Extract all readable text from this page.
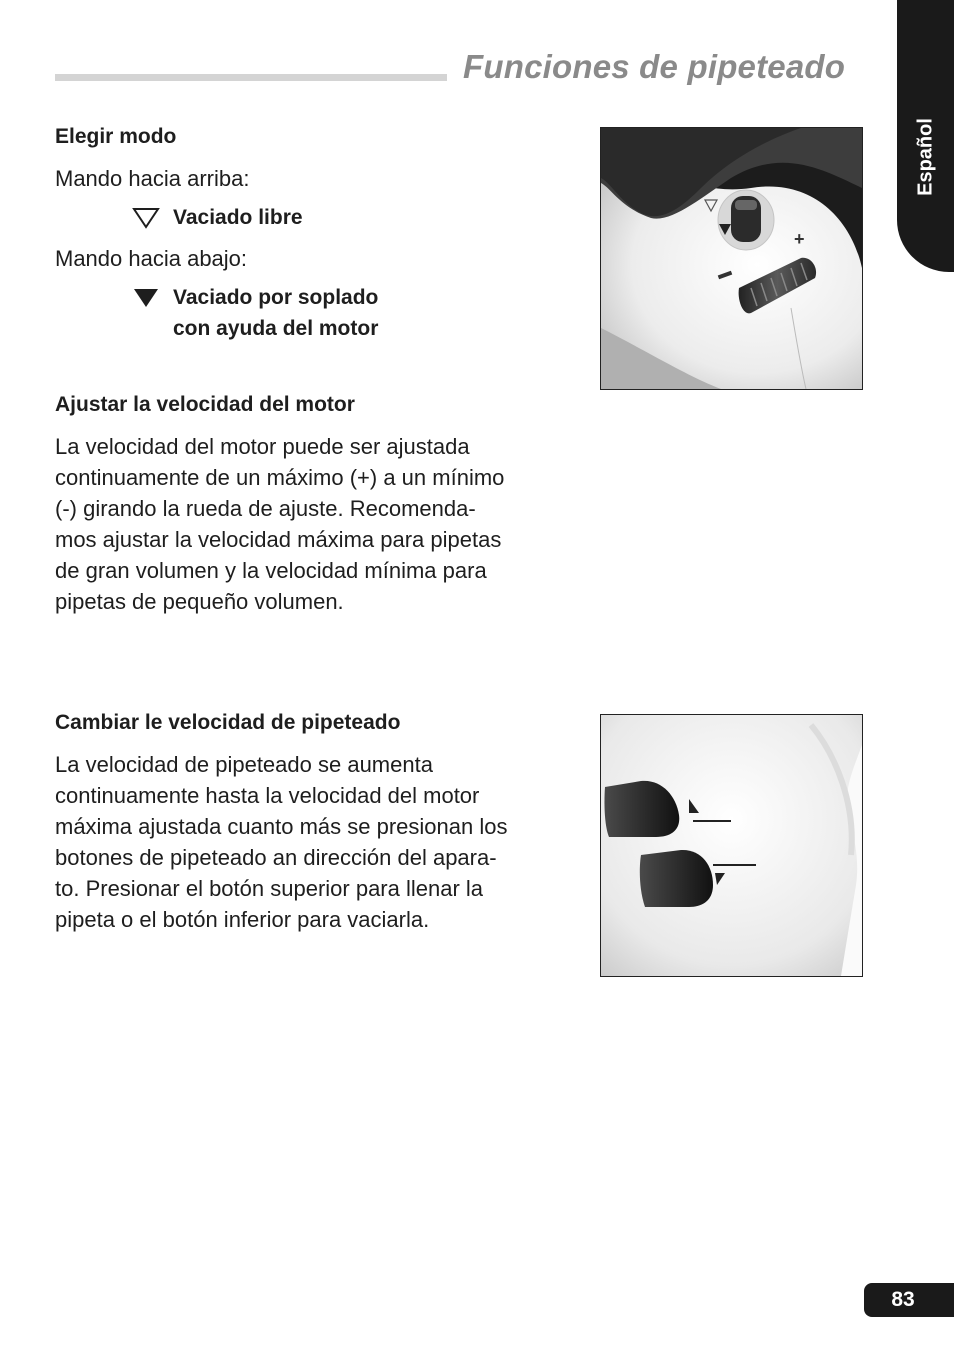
Funciones de pipeteado
Español
Elegir modo

Mando hacia arriba:

Vaciado libre

Mando hacia abajo:

Vaciado por soplado

con ayuda del motor

Ajustar la velocidad del motor
La velocidad del motor puede ser ajustada
continuamente de un máximo (+) a un mínimo
(-) girando la rueda de ajuste. Recomenda-
mos ajustar la velocidad máxima para pipetas
de gran volumen y la velocidad mínima para
pipetas de pequeño volumen.
Cambiar le velocidad de pipeteado
La velocidad de pipeteado se aumenta
continuamente hasta la velocidad del motor
máxima ajustada cuanto más se presionan los
botones de pipeteado an dirección del apara-
to. Presionar el botón superior para llenar la
pipeta o el botón inferior para vaciarla.
+
83
